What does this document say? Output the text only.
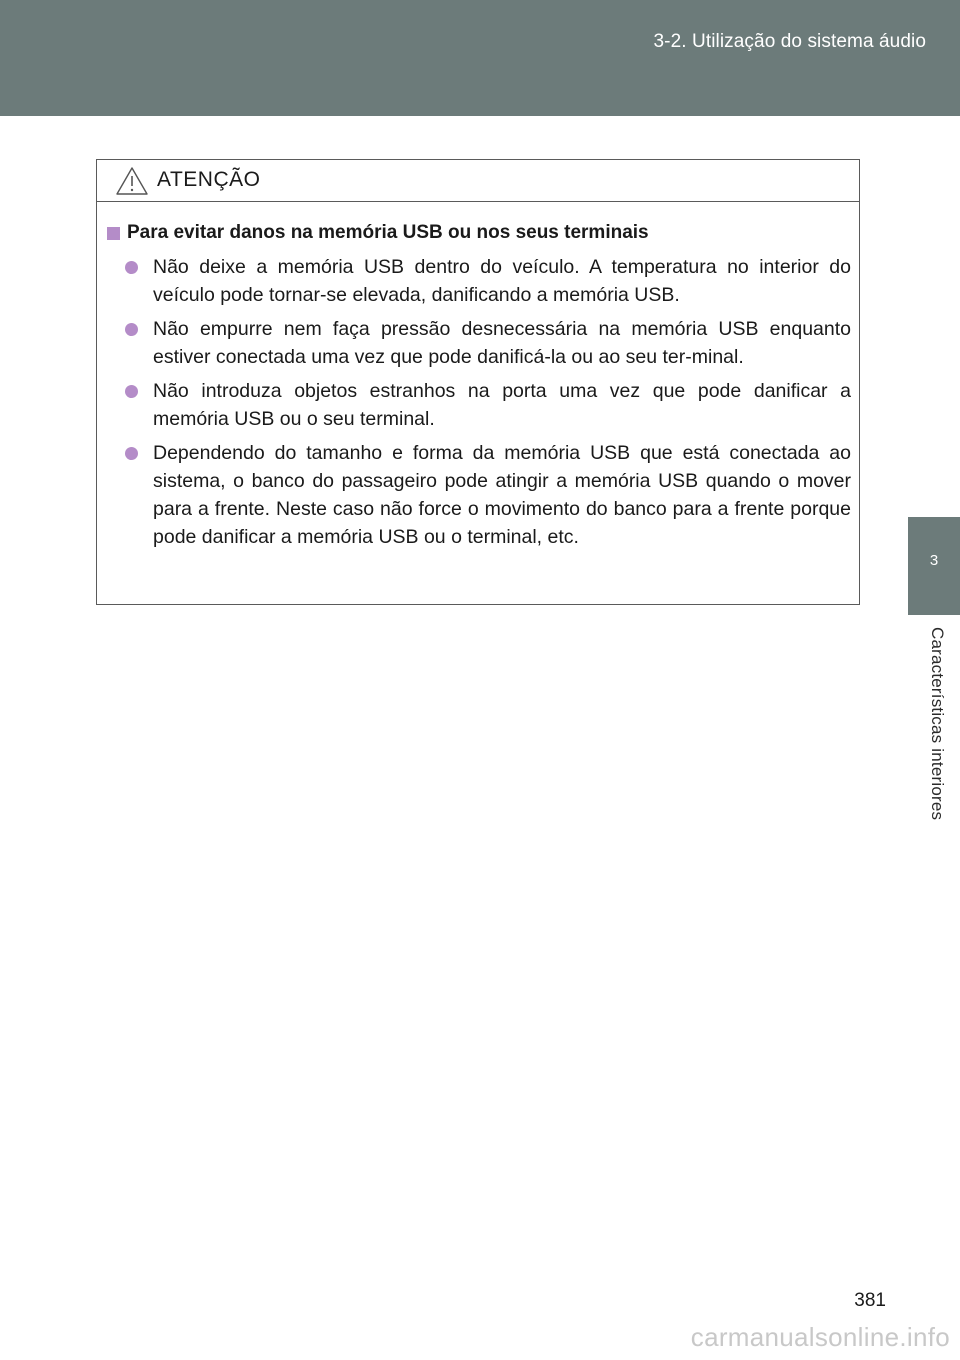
3-2. Utilização do sistema áudio
3
Características interiores
ATENÇÃO
Para evitar danos na memória USB ou nos seus terminais
Não deixe a memória USB dentro do veículo. A temperatura no interior do veículo pode tornar-se elevada, danificando a memória USB.
Não empurre nem faça pressão desnecessária na memória USB enquanto estiver conectada uma vez que pode danificá-la ou ao seu ter-minal.
Não introduza objetos estranhos na porta uma vez que pode danificar a memória USB ou o seu terminal.
Dependendo do tamanho e forma da memória USB que está conectada ao sistema, o banco do passageiro pode atingir a memória USB quando o mover para a frente. Neste caso não force o movimento do banco para a frente porque pode danificar a memória USB ou o terminal, etc.
381
carmanualsonline.info
